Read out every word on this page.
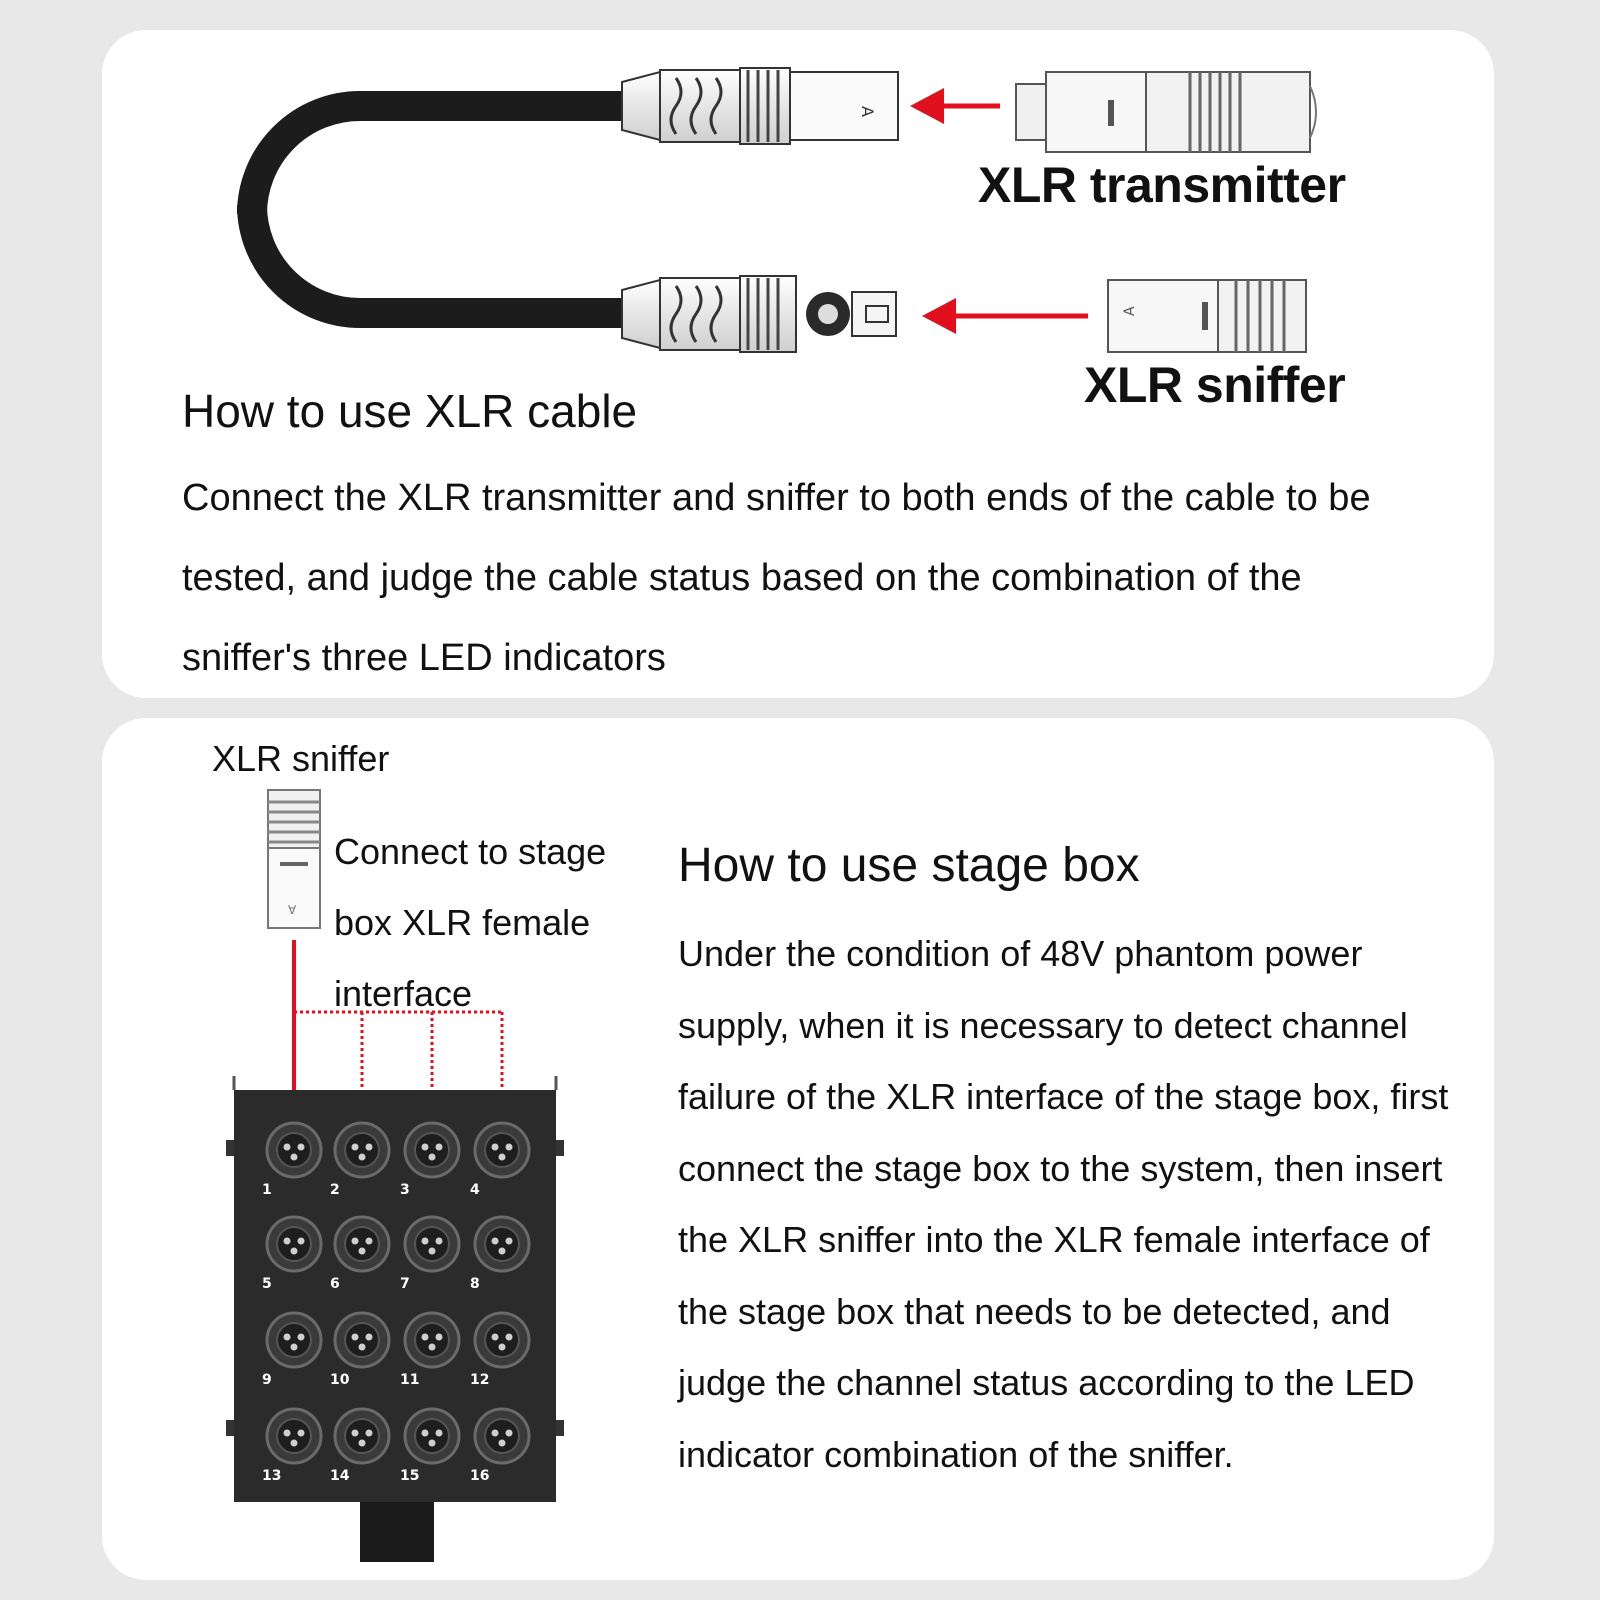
A
A
∀
1	2	3	4
5	6	7	8
9	10	11	12
13	14	15	16
XLR transmitter
XLR sniffer
How to use XLR cable
Connect the XLR transmitter and sniffer to both ends of the cable to be
tested, and judge the cable status based on the combination of the
sniffer's three LED indicators
XLR sniffer
Connect to stage
box XLR female
interface
How to use stage box
Under the condition of 48V phantom power
supply, when it is necessary to detect channel
failure of the XLR interface of the stage box, first
connect the stage box to the system, then insert
the XLR sniffer into the XLR female interface of
the stage box that needs to be detected, and
judge the channel status according to the LED
indicator combination of the sniffer.
